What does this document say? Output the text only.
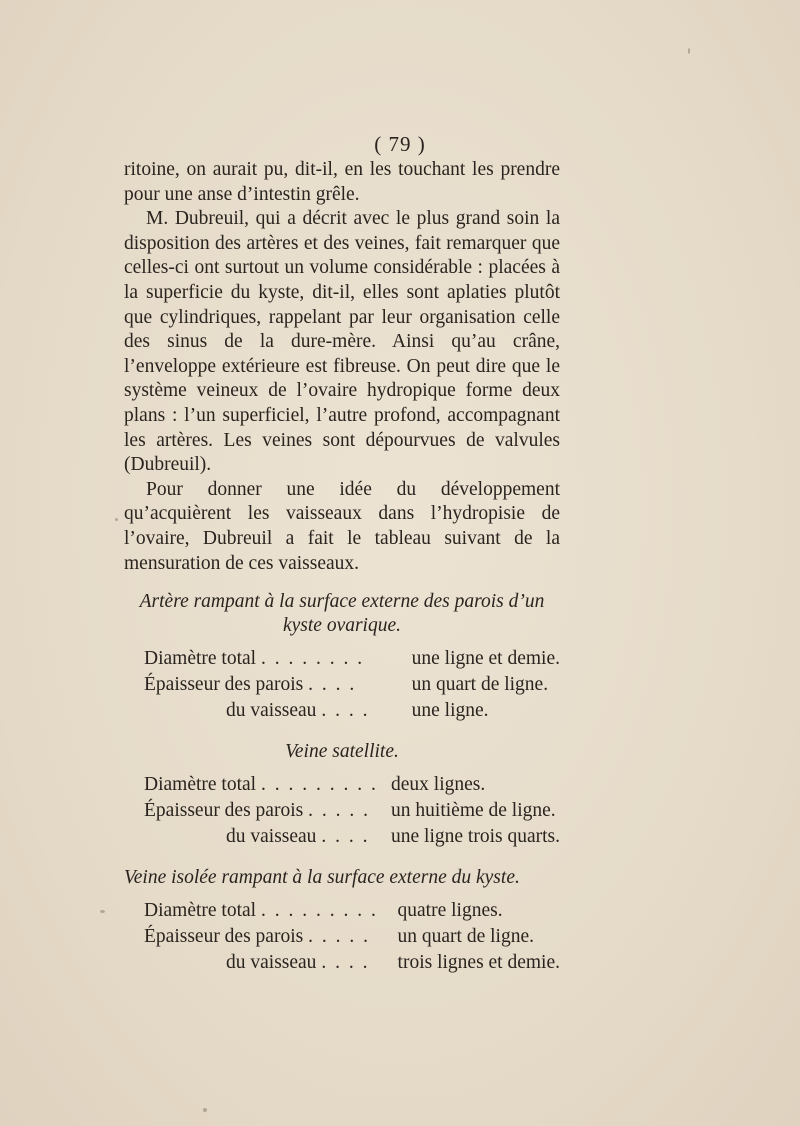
( 79 )

ritoine, on aurait pu, dit-il, en les touchant les prendre pour une anse d’intestin grêle.

M. Dubreuil, qui a décrit avec le plus grand soin la disposition des artères et des veines, fait remarquer que celles-ci ont surtout un volume considérable : placées à la superficie du kyste, dit-il, elles sont aplaties plutôt que cylindriques, rappelant par leur organisation celle des sinus de la dure-mère. Ainsi qu’au crâne, l’enveloppe extérieure est fibreuse. On peut dire que le système veineux de l’ovaire hydropique forme deux plans : l’un superficiel, l’autre profond, accompagnant les artères. Les veines sont dépourvues de valvules (Dubreuil).

Pour donner une idée du développement qu’acquièrent les vaisseaux dans l’hydropisie de l’ovaire, Dubreuil a fait le tableau suivant de la mensuration de ces vaisseaux.

Artère rampant à la surface externe des parois d’un kyste ovarique.
Diamètre total . . . . . . . .	une ligne et demie.
Épaisseur des parois . . . .	un quart de ligne.
du vaisseau . . . .	une ligne.
Veine satellite.
Diamètre total . . . . . . . . .	deux lignes.
Épaisseur des parois . . . . .	un huitième de ligne.
du vaisseau . . . .	une ligne trois quarts.
Veine isolée rampant à la surface externe du kyste.
Diamètre total . . . . . . . . .	quatre lignes.
Épaisseur des parois . . . . .	un quart de ligne.
du vaisseau . . . .	trois lignes et demie.
